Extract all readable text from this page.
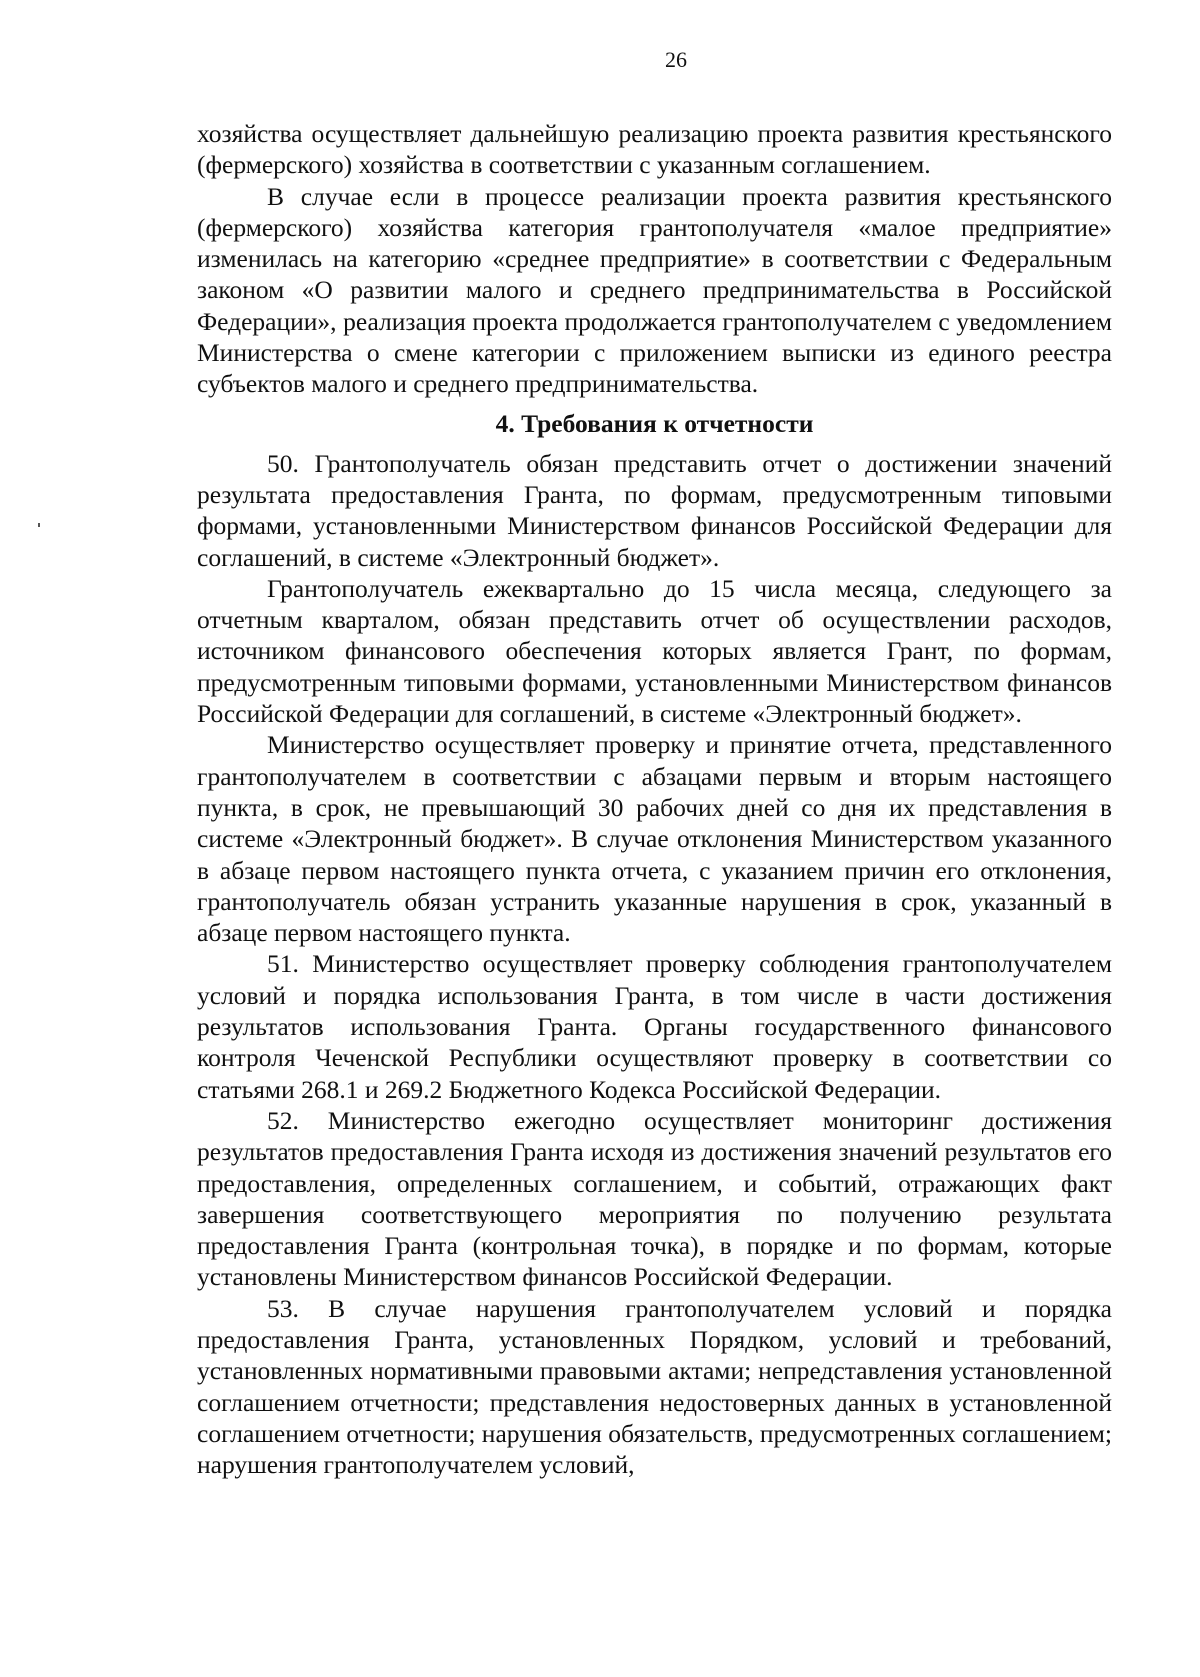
26

хозяйства осуществляет дальнейшую реализацию проекта развития крестьянского (фермерского) хозяйства в соответствии с указанным соглашением.

В случае если в процессе реализации проекта развития крестьянского (фермерского) хозяйства категория грантополучателя «малое предприятие» изменилась на категорию «среднее предприятие» в соответствии с Федеральным законом «О развитии малого и среднего предпринимательства в Российской Федерации», реализация проекта продолжается грантополучателем с уведомлением Министерства о смене категории с приложением выписки из единого реестра субъектов малого и среднего предпринимательства.

4. Требования к отчетности

50. Грантополучатель обязан представить отчет о достижении значений результата предоставления Гранта, по формам, предусмотренным типовыми формами, установленными Министерством финансов Российской Федерации для соглашений, в системе «Электронный бюджет».

Грантополучатель ежеквартально до 15 числа месяца, следующего за отчетным кварталом, обязан представить отчет об осуществлении расходов, источником финансового обеспечения которых является Грант, по формам, предусмотренным типовыми формами, установленными Министерством финансов Российской Федерации для соглашений, в системе «Электронный бюджет».

Министерство осуществляет проверку и принятие отчета, представленного грантополучателем в соответствии с абзацами первым и вторым настоящего пункта, в срок, не превышающий 30 рабочих дней со дня их представления в системе «Электронный бюджет». В случае отклонения Министерством указанного в абзаце первом настоящего пункта отчета, с указанием причин его отклонения, грантополучатель обязан устранить указанные нарушения в срок, указанный в абзаце первом настоящего пункта.

51. Министерство осуществляет проверку соблюдения грантополучателем условий и порядка использования Гранта, в том числе в части достижения результатов использования Гранта. Органы государственного финансового контроля Чеченской Республики осуществляют проверку в соответствии со статьями 268.1 и 269.2 Бюджетного Кодекса Российской Федерации.

52. Министерство ежегодно осуществляет мониторинг достижения результатов предоставления Гранта исходя из достижения значений результатов его предоставления, определенных соглашением, и событий, отражающих факт завершения соответствующего мероприятия по получению результата предоставления Гранта (контрольная точка), в порядке и по формам, которые установлены Министерством финансов Российской Федерации.

53. В случае нарушения грантополучателем условий и порядка предоставления Гранта, установленных Порядком, условий и требований, установленных нормативными правовыми актами; непредставления установленной соглашением отчетности; представления недостоверных данных в установленной соглашением отчетности; нарушения обязательств, предусмотренных соглашением; нарушения грантополучателем условий,
